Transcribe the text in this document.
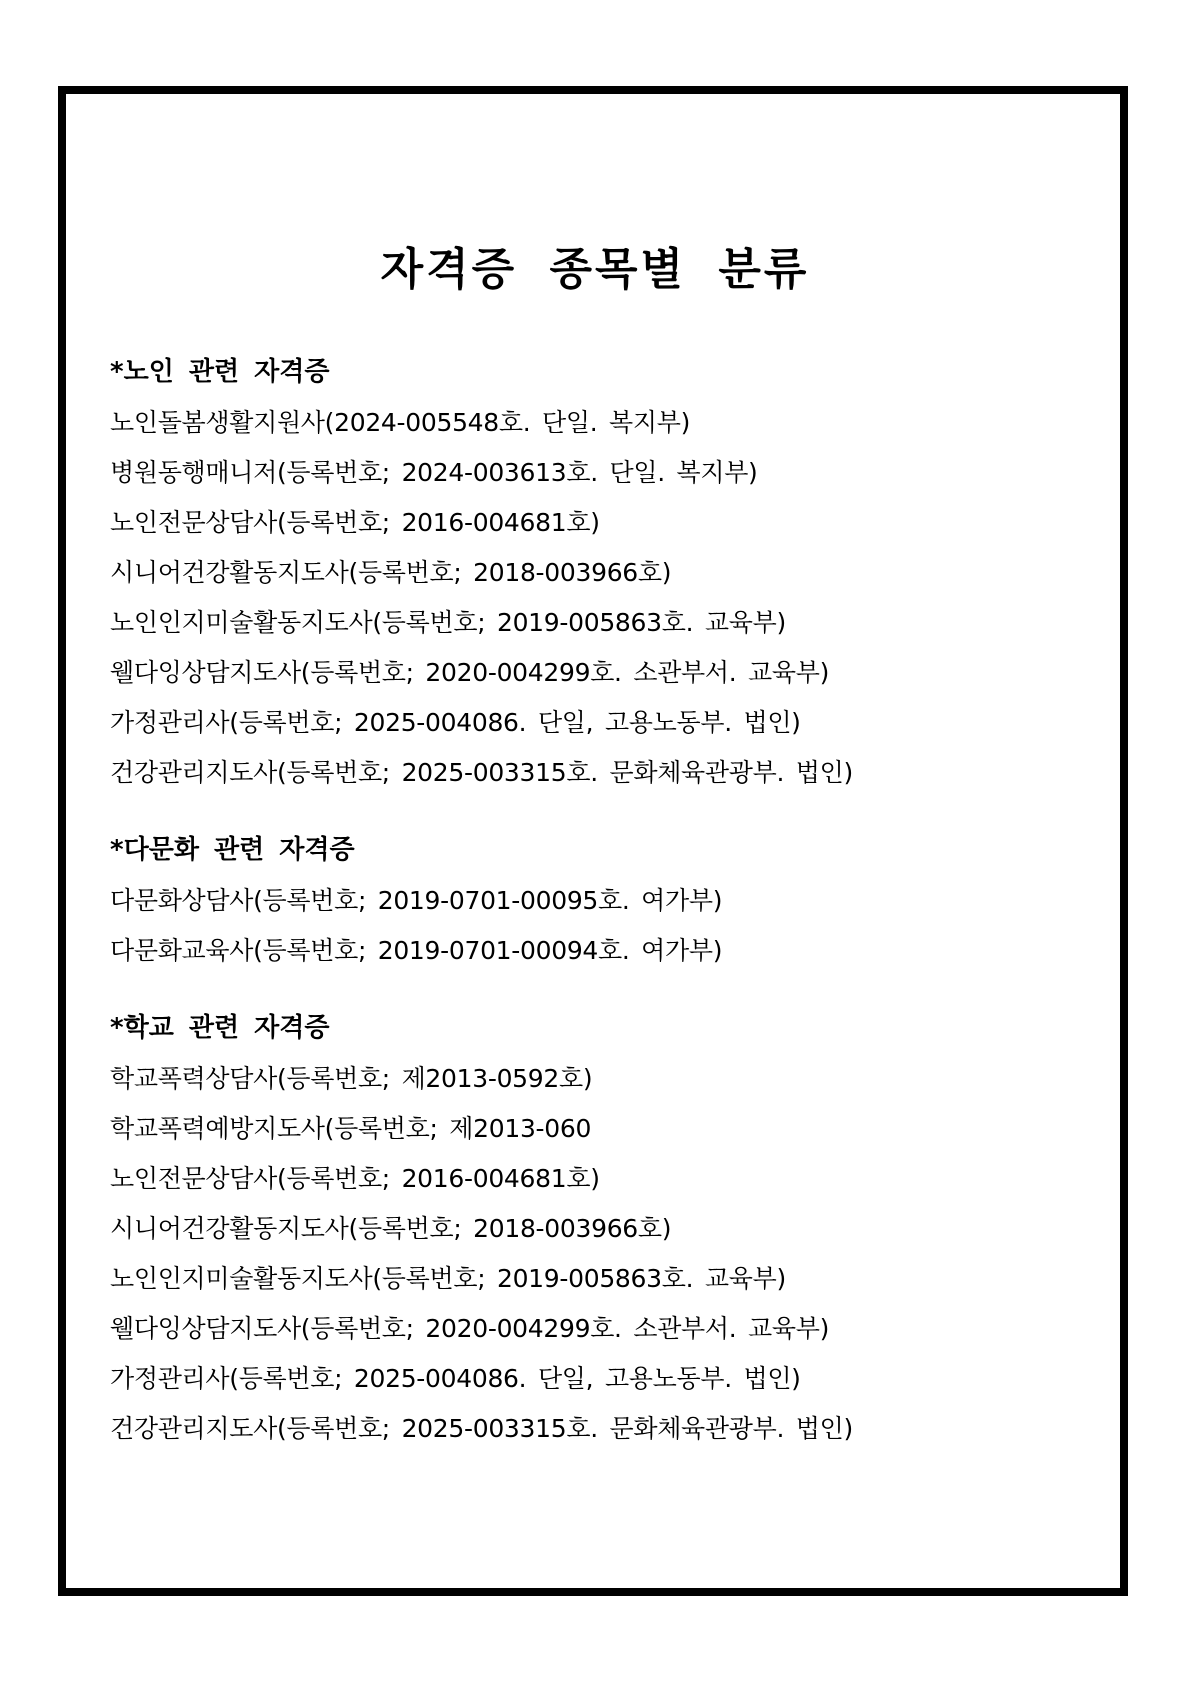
자격증 종목별 분류
*노인 관련 자격증
노인돌봄생활지원사(2024-005548호. 단일. 복지부)
병원동행매니저(등록번호; 2024-003613호. 단일. 복지부)
노인전문상담사(등록번호; 2016-004681호)
시니어건강활동지도사(등록번호; 2018-003966호)
노인인지미술활동지도사(등록번호; 2019-005863호. 교육부)
웰다잉상담지도사(등록번호; 2020-004299호. 소관부서. 교육부)
가정관리사(등록번호; 2025-004086. 단일, 고용노동부. 법인)
건강관리지도사(등록번호; 2025-003315호. 문화체육관광부. 법인)
*다문화 관련 자격증
다문화상담사(등록번호; 2019-0701-00095호. 여가부)
다문화교육사(등록번호; 2019-0701-00094호. 여가부)
*학교 관련 자격증
학교폭력상담사(등록번호; 제2013-0592호)
학교폭력예방지도사(등록번호; 제2013-060
노인전문상담사(등록번호; 2016-004681호)
시니어건강활동지도사(등록번호; 2018-003966호)
노인인지미술활동지도사(등록번호; 2019-005863호. 교육부)
웰다잉상담지도사(등록번호; 2020-004299호. 소관부서. 교육부)
가정관리사(등록번호; 2025-004086. 단일, 고용노동부. 법인)
건강관리지도사(등록번호; 2025-003315호. 문화체육관광부. 법인)
